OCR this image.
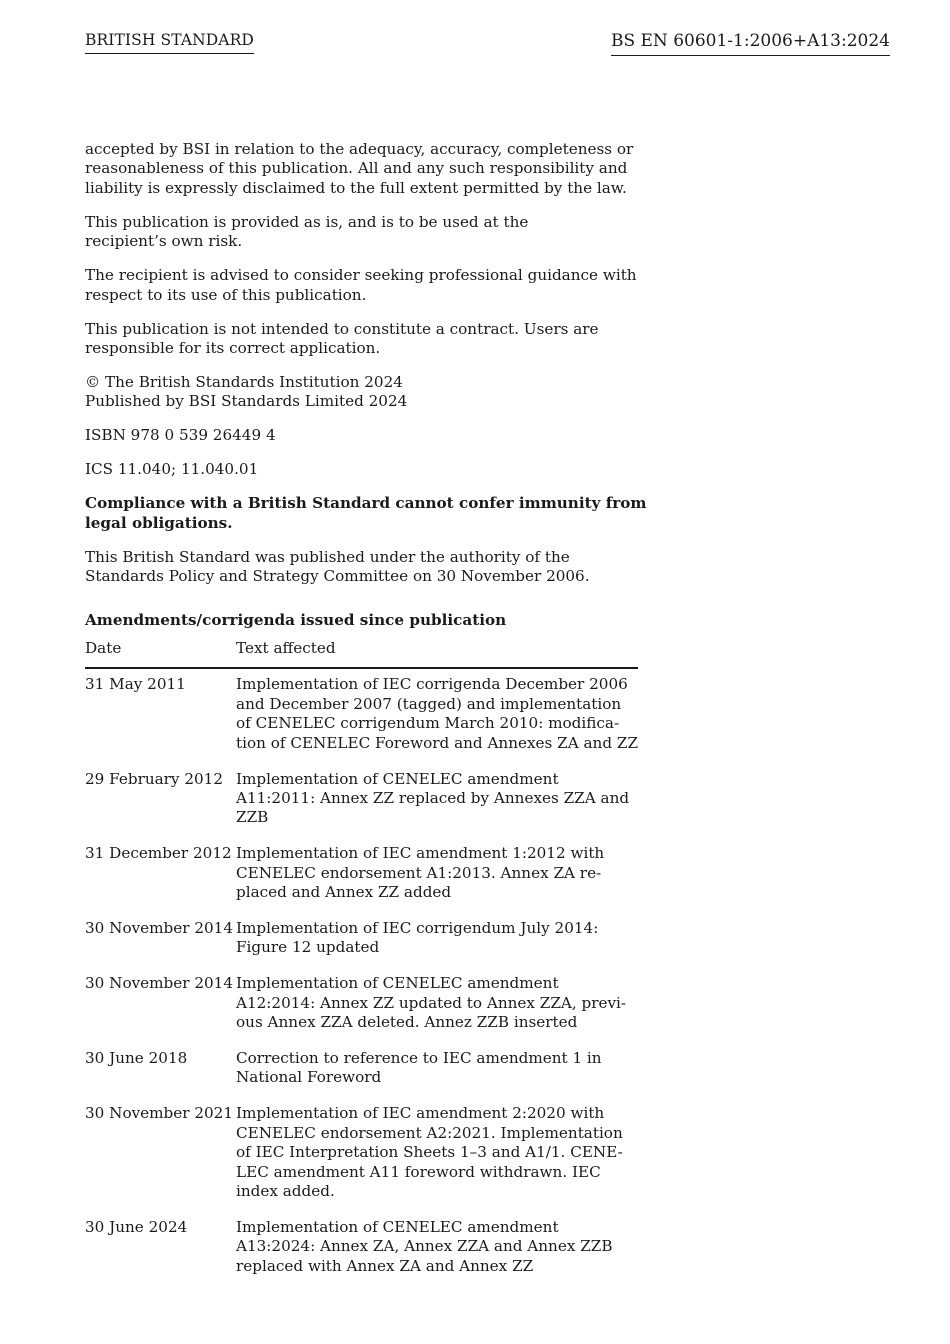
BRITISH STANDARD	BS EN 60601-1:2006+A13:2024

accepted by BSI in relation to the adequacy, accuracy, completeness or
reasonableness of this publication. All and any such responsibility and
liability is expressly disclaimed to the full extent permitted by the law.

This publication is provided as is, and is to be used at the
recipient’s own risk.

The recipient is advised to consider seeking professional guidance with
respect to its use of this publication.

This publication is not intended to constitute a contract. Users are
responsible for its correct application.

© The British Standards Institution 2024
Published by BSI Standards Limited 2024

ISBN 978 0 539 26449 4

ICS 11.040; 11.040.01

Compliance with a British Standard cannot confer immunity from
legal obligations.

This British Standard was published under the authority of the
Standards Policy and Strategy Committee on 30 November 2006.

Amendments/corrigenda issued since publication

Date	Text affected
31 May 2011	Implementation of IEC corrigenda December 2006
and December 2007 (tagged) and implementation
of CENELEC corrigendum March 2010: modifica-
tion of CENELEC Foreword and Annexes ZA and ZZ
29 February 2012	Implementation of CENELEC amendment
A11:2011: Annex ZZ replaced by Annexes ZZA and
ZZB
31 December 2012	Implementation of IEC amendment 1:2012 with
CENELEC endorsement A1:2013. Annex ZA re-
placed and Annex ZZ added
30 November 2014	Implementation of IEC corrigendum July 2014:
Figure 12 updated
30 November 2014	Implementation of CENELEC amendment
A12:2014: Annex ZZ updated to Annex ZZA, previ-
ous Annex ZZA deleted. Annez ZZB inserted
30 June 2018	Correction to reference to IEC amendment 1 in
National Foreword
30 November 2021	Implementation of IEC amendment 2:2020 with
CENELEC endorsement A2:2021. Implementation
of IEC Interpretation Sheets 1–3 and A1/1. CENE-
LEC amendment A11 foreword withdrawn. IEC
index added.
30 June 2024	Implementation of CENELEC amendment
A13:2024: Annex ZA, Annex ZZA and Annex ZZB
replaced with Annex ZA and Annex ZZ
